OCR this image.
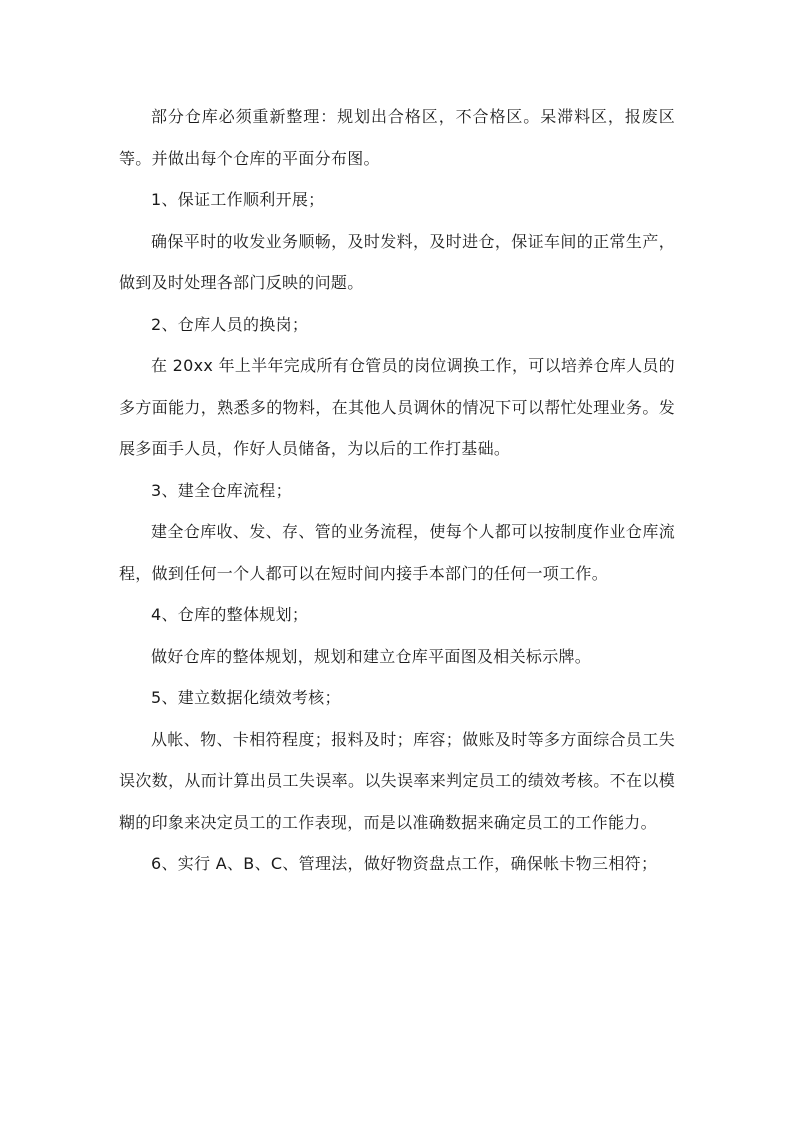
部分仓库必须重新整理：规划出合格区，不合格区。呆滞料区，报废区等。并做出每个仓库的平面分布图。

1、保证工作顺利开展；

确保平时的收发业务顺畅，及时发料，及时进仓，保证车间的正常生产，做到及时处理各部门反映的问题。

2、仓库人员的换岗；

在 20xx 年上半年完成所有仓管员的岗位调换工作，可以培养仓库人员的多方面能力，熟悉多的物料，在其他人员调休的情况下可以帮忙处理业务。发展多面手人员，作好人员储备，为以后的工作打基础。

3、建全仓库流程；

建全仓库收、发、存、管的业务流程，使每个人都可以按制度作业仓库流程，做到任何一个人都可以在短时间内接手本部门的任何一项工作。

4、仓库的整体规划；

做好仓库的整体规划，规划和建立仓库平面图及相关标示牌。

5、建立数据化绩效考核；

从帐、物、卡相符程度；报料及时；库容；做账及时等多方面综合员工失误次数，从而计算出员工失误率。以失误率来判定员工的绩效考核。不在以模糊的印象来决定员工的工作表现，而是以准确数据来确定员工的工作能力。

6、实行 A、B、C、管理法，做好物资盘点工作，确保帐卡物三相符；
